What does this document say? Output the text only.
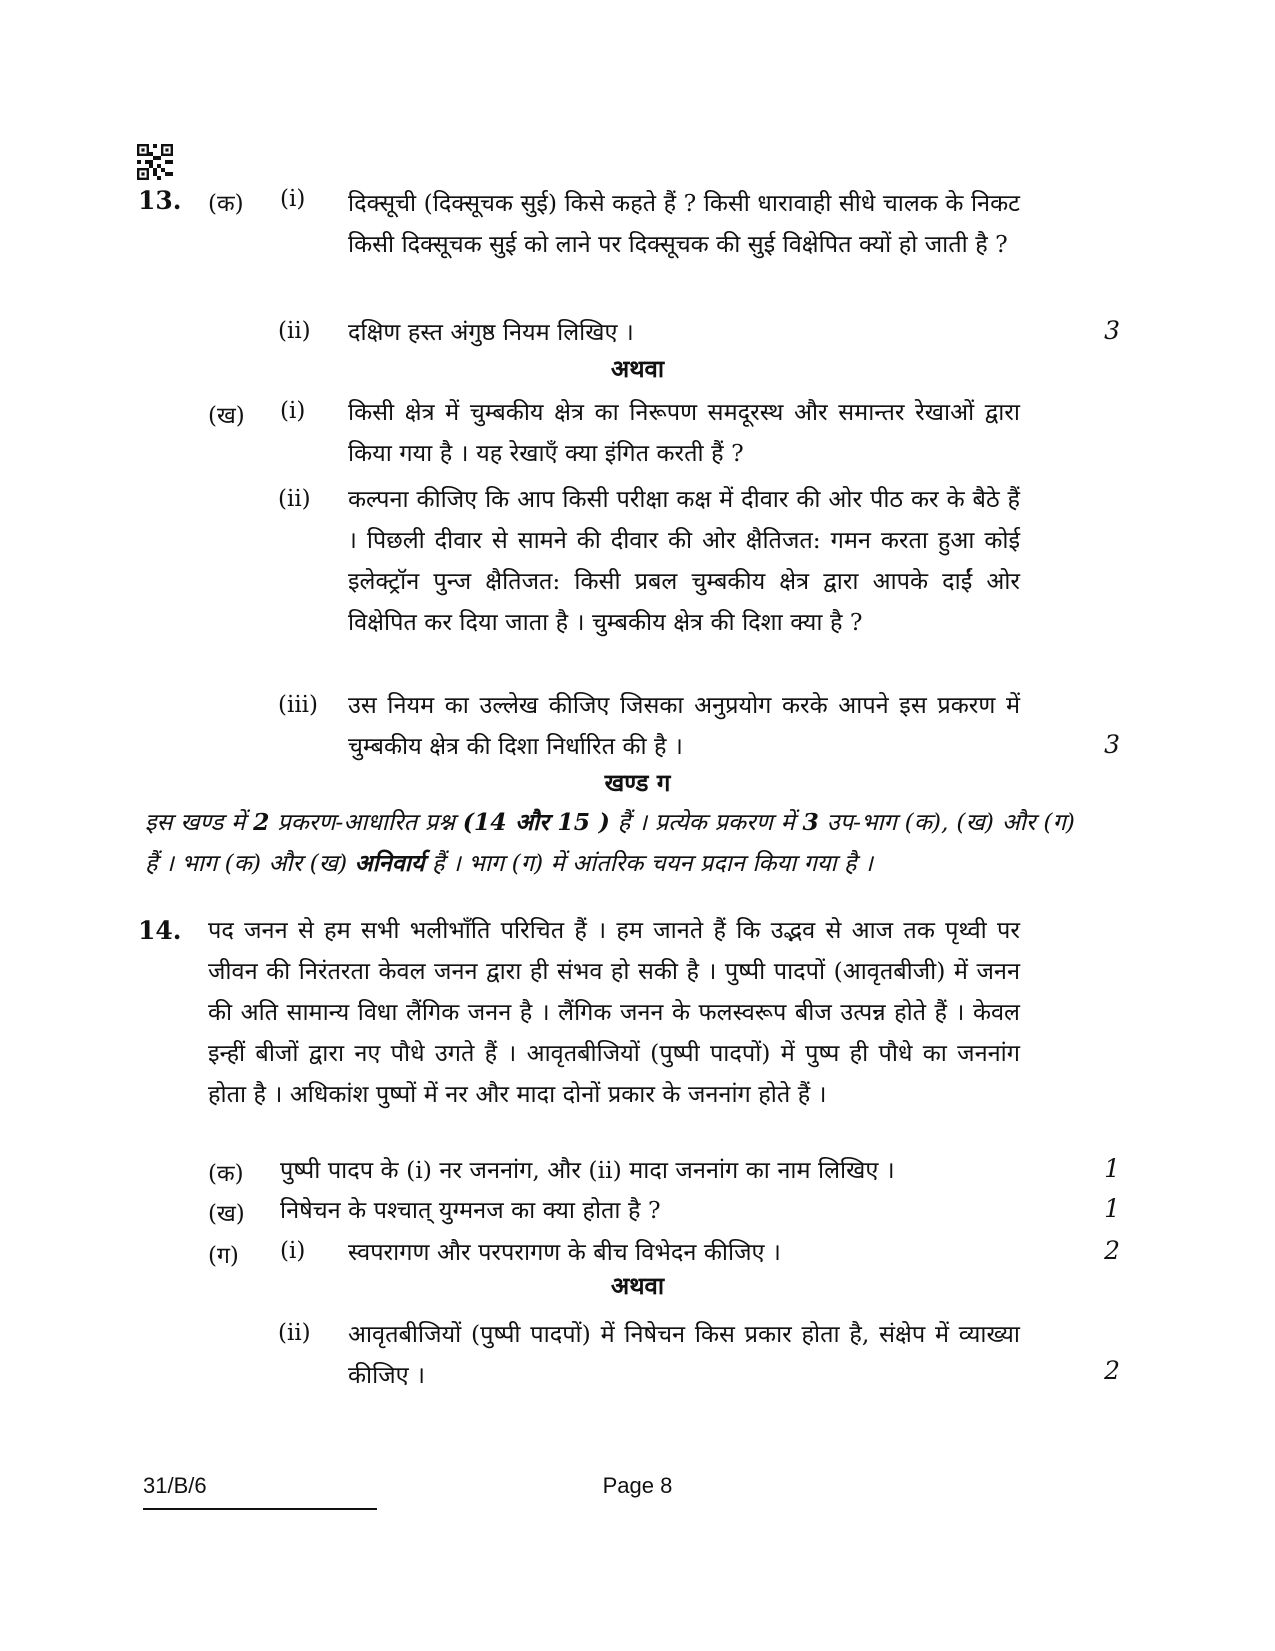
13. (क) (i) दिक्सूची (दिक्सूचक सुई) किसे कहते हैं ? किसी धारावाही सीधे चालक के निकट किसी दिक्सूचक सुई को लाने पर दिक्सूचक की सुई विक्षेपित क्यों हो जाती है ?
(ii) दक्षिण हस्त अंगुष्ठ नियम लिखिए ।	3
अथवा
(ख) (i) किसी क्षेत्र में चुम्बकीय क्षेत्र का निरूपण समदूरस्थ और समान्तर रेखाओं द्वारा किया गया है । यह रेखाएँ क्या इंगित करती हैं ?
(ii) कल्पना कीजिए कि आप किसी परीक्षा कक्ष में दीवार की ओर पीठ कर के बैठे हैं । पिछली दीवार से सामने की दीवार की ओर क्षैतिजत: गमन करता हुआ कोई इलेक्ट्रॉन पुन्ज क्षैतिजत: किसी प्रबल चुम्बकीय क्षेत्र द्वारा आपके दाईं ओर विक्षेपित कर दिया जाता है । चुम्बकीय क्षेत्र की दिशा क्या है ?
(iii) उस नियम का उल्लेख कीजिए जिसका अनुप्रयोग करके आपने इस प्रकरण में चुम्बकीय क्षेत्र की दिशा निर्धारित की है ।	3
खण्ड ग
इस खण्ड में 2 प्रकरण-आधारित प्रश्न (14 और 15 ) हैं । प्रत्येक प्रकरण में 3 उप-भाग (क), (ख) और (ग) हैं । भाग (क) और (ख) अनिवार्य हैं । भाग (ग) में आंतरिक चयन प्रदान किया गया है ।
14. पद जनन से हम सभी भलीभाँति परिचित हैं । हम जानते हैं कि उद्भव से आज तक पृथ्वी पर जीवन की निरंतरता केवल जनन द्वारा ही संभव हो सकी है । पुष्पी पादपों (आवृतबीजी) में जनन की अति सामान्य विधा लैंगिक जनन है । लैंगिक जनन के फलस्वरूप बीज उत्पन्न होते हैं । केवल इन्हीं बीजों द्वारा नए पौधे उगते हैं । आवृतबीजियों (पुष्पी पादपों) में पुष्प ही पौधे का जननांग होता है । अधिकांश पुष्पों में नर और मादा दोनों प्रकार के जननांग होते हैं ।
(क) पुष्पी पादप के (i) नर जननांग, और (ii) मादा जननांग का नाम लिखिए ।	1
(ख) निषेचन के पश्चात् युग्मनज का क्या होता है ?	1
(ग) (i) स्वपरागण और परपरागण के बीच विभेदन कीजिए ।	2
अथवा
(ii) आवृतबीजियों (पुष्पी पादपों) में निषेचन किस प्रकार होता है, संक्षेप में व्याख्या कीजिए ।	2
31/B/6	Page 8
